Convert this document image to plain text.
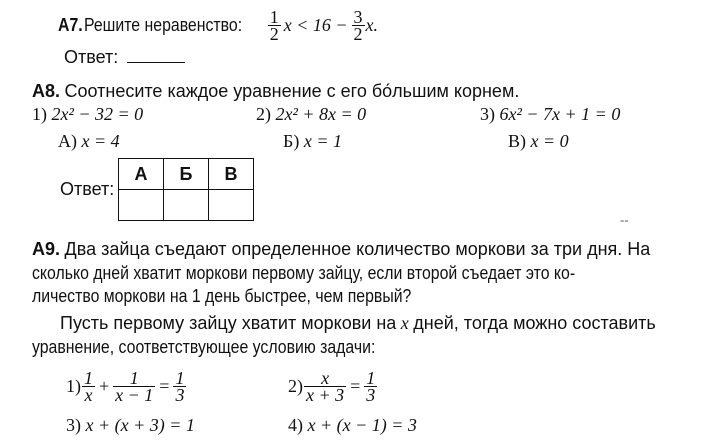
А7. Решите неравенство: $\frac{1}{2}$ $x < 16 - \frac{3}{2} x$.
Ответ:
А8. Соотнесите каждое уравнение с его бо́льшим корнем.
1) 2x² − 32 = 0	2) 2x² + 8x = 0	3) 6x² − 7x + 1 = 0
А) x = 4	Б) x = 1	В) x = 0
Ответ:
А	Б	В

--
А9. Два зайца съедают определенное количество моркови за три дня. На
сколько дней хватит моркови первому зайцу, если второй съедает это ко-
личество моркови на 1 день быстрее, чем первый?
Пусть первому зайцу хватит моркови на x дней, тогда можно составить
уравнение, соответствующее условию задачи:
$1) \frac{1}{x} + \frac{1}{x - 1} = \frac{1}{3}$	$2) \frac{x}{x + 3} = \frac{1}{3}$
3) x + (x + 3) = 1	4) x + (x − 1) = 3
